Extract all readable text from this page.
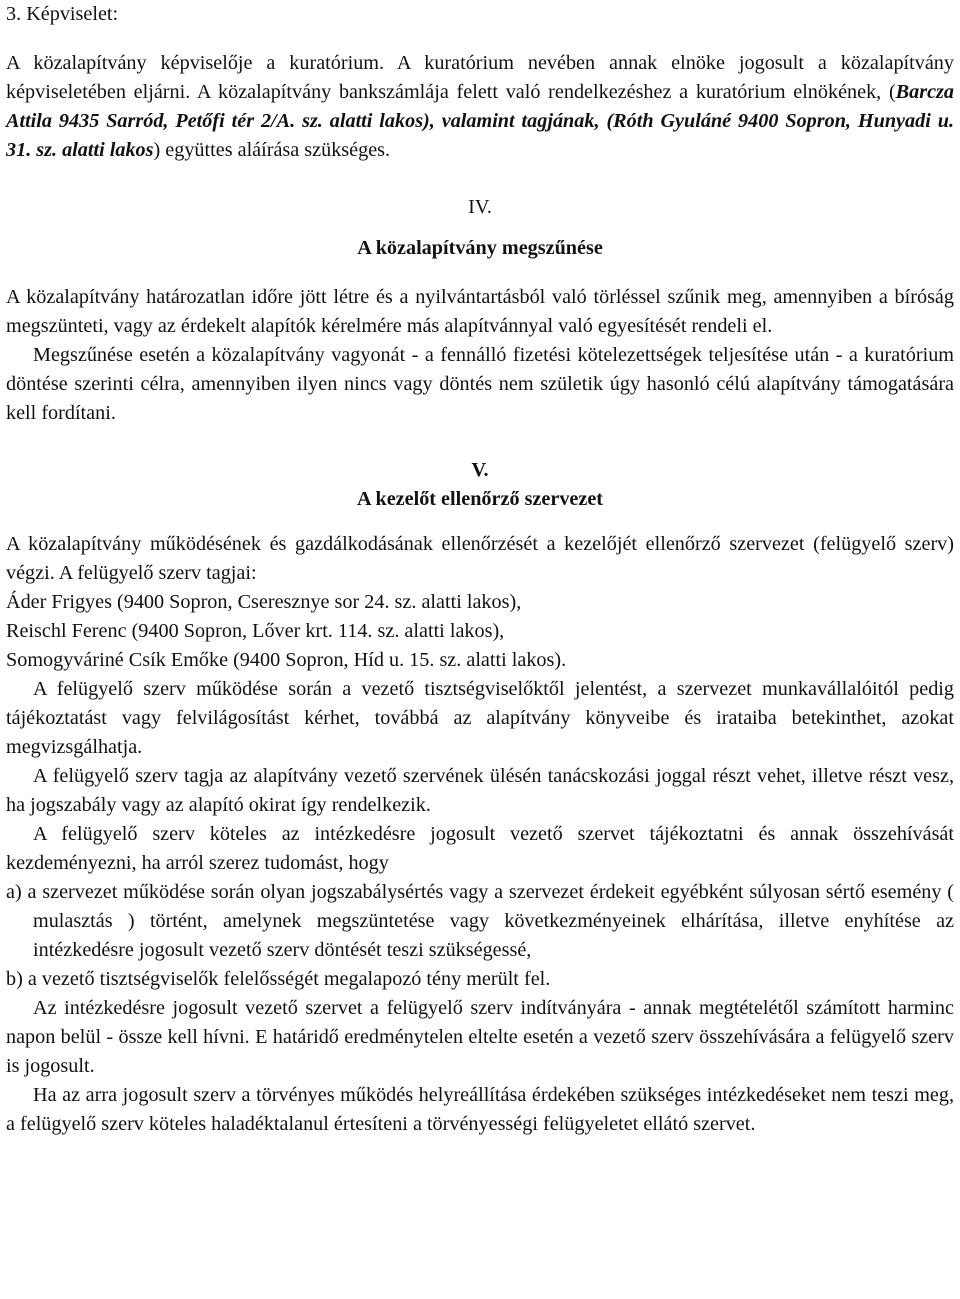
3. Képviselet:

A közalapítvány képviselője a kuratórium. A kuratórium nevében annak elnöke jogosult a közalapítvány képviseletében eljárni. A közalapítvány bankszámlája felett való rendelkezéshez a kuratórium elnökének, (Barcza Attila 9435 Sarród, Petőfi tér 2/A. sz. alatti lakos), valamint tagjának, (Róth Gyuláné 9400 Sopron, Hunyadi u. 31. sz. alatti lakos) együttes aláírása szükséges.

IV.

A közalapítvány megszűnése

A közalapítvány határozatlan időre jött létre és a nyilvántartásból való törléssel szűnik meg, amennyiben a bíróság megszünteti, vagy az érdekelt alapítók kérelmére más alapítvánnyal való egyesítését rendeli el.

Megszűnése esetén a közalapítvány vagyonát - a fennálló fizetési kötelezettségek teljesítése után - a kuratórium döntése szerinti célra, amennyiben ilyen nincs vagy döntés nem születik úgy hasonló célú alapítvány támogatására kell fordítani.

V.

A kezelőt ellenőrző szervezet

A közalapítvány működésének és gazdálkodásának ellenőrzését a kezelőjét ellenőrző szervezet (felügyelő szerv) végzi. A felügyelő szerv tagjai:

Áder Frigyes (9400 Sopron, Cseresznye sor 24. sz. alatti lakos),

Reischl Ferenc (9400 Sopron, Lőver krt. 114. sz. alatti lakos),

Somogyváriné Csík Emőke (9400 Sopron, Híd u. 15. sz. alatti lakos).

A felügyelő szerv működése során a vezető tisztségviselőktől jelentést, a szervezet munkavállalóitól pedig tájékoztatást vagy felvilágosítást kérhet, továbbá az alapítvány könyveibe és irataiba betekinthet, azokat megvizsgálhatja.

A felügyelő szerv tagja az alapítvány vezető szervének ülésén tanácskozási joggal részt vehet, illetve részt vesz, ha jogszabály vagy az alapító okirat így rendelkezik.

A felügyelő szerv köteles az intézkedésre jogosult vezető szervet tájékoztatni és annak összehívását kezdeményezni, ha arról szerez tudomást, hogy

a) a szervezet működése során olyan jogszabálysértés vagy a szervezet érdekeit egyébként súlyosan sértő esemény ( mulasztás ) történt, amelynek megszüntetése vagy következményeinek elhárítása, illetve enyhítése az intézkedésre jogosult vezető szerv döntését teszi szükségessé,

b) a vezető tisztségviselők felelősségét megalapozó tény merült fel.

Az intézkedésre jogosult vezető szervet a felügyelő szerv indítványára - annak megtételétől számított harminc napon belül - össze kell hívni. E határidő eredménytelen eltelte esetén a vezető szerv összehívására a felügyelő szerv is jogosult.

Ha az arra jogosult szerv a törvényes működés helyreállítása érdekében szükséges intézkedéseket nem teszi meg, a felügyelő szerv köteles haladéktalanul értesíteni a törvényességi felügyeletet ellátó szervet.
